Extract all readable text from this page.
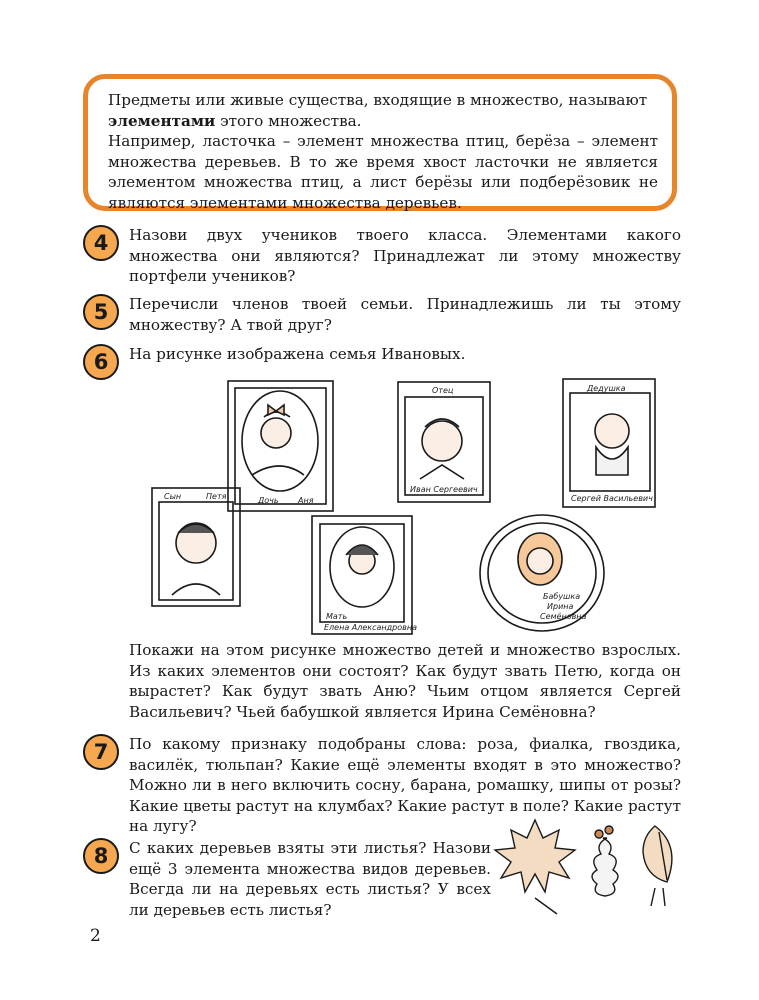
Предметы или живые существа, входящие в множество, называют
элементами этого множества.
Например, ласточка – элемент множества птиц, берёза – элемент множества деревьев. В то же время хвост ласточки не является элементом множества птиц, а лист берёзы или подберёзовик не являются элементами множества деревьев.

4	Назови двух учеников твоего класса. Элементами какого множества они являются? Принадлежат ли этому множеству портфели учеников?

5	Перечисли членов твоей семьи. Принадлежишь ли ты этому множеству? А твой друг?

6	На рисунке изображена семья Ивановых.

Дочь Аня
Отец
Иван Сергеевич
Дедушка
Сергей Васильевич
Сын	Петя
Мать
Елена Александровна
Бабушка
Ирина
Семёновна

Покажи на этом рисунке множество детей и множество взрослых. Из каких элементов они состоят? Как будут звать Петю, когда он вырастет? Как будут звать Аню? Чьим отцом является Сергей Васильевич? Чьей бабушкой является Ирина Семёновна?

7	По какому признаку подобраны слова: роза, фиалка, гвоздика, василёк, тюльпан? Какие ещё элементы входят в это множество? Можно ли в него включить сосну, барана, ромашку, шипы от розы? Какие цветы растут на клумбах? Какие растут в поле? Какие растут на лугу?

8	С каких деревьев взяты эти листья? Назови ещё 3 элемента множества видов деревьев. Всегда ли на деревьях есть листья? У всех ли деревьев есть листья?

2
